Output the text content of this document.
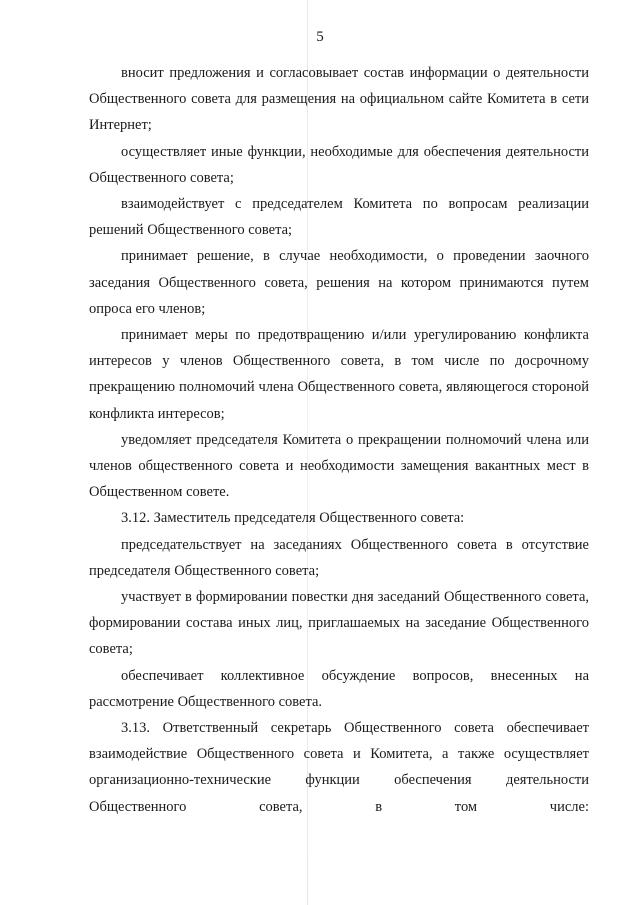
5

вносит предложения и согласовывает состав информации о деятельности Общественного совета для размещения на официальном сайте Комитета в сети Интернет;

осуществляет иные функции, необходимые для обеспечения деятельности Общественного совета;

взаимодействует с председателем Комитета по вопросам реализации решений Общественного совета;

принимает решение, в случае необходимости, о проведении заочного заседания Общественного совета, решения на котором принимаются путем опроса его членов;

принимает меры по предотвращению и/или урегулированию конфликта интересов у членов Общественного совета, в том числе по досрочному прекращению полномочий члена Общественного совета, являющегося стороной конфликта интересов;

уведомляет председателя Комитета о прекращении полномочий члена или членов общественного совета и необходимости замещения вакантных мест в Общественном совете.

3.12. Заместитель председателя Общественного совета:

председательствует на заседаниях Общественного совета в отсутствие председателя Общественного совета;

участвует в формировании повестки дня заседаний Общественного совета, формировании состава иных лиц, приглашаемых на заседание Общественного совета;

обеспечивает коллективное обсуждение вопросов, внесенных на рассмотрение Общественного совета.

3.13. Ответственный секретарь Общественного совета обеспечивает взаимодействие Общественного совета и Комитета, а также осуществляет организационно-технические функции обеспечения деятельности Общественного совета, в том числе:
